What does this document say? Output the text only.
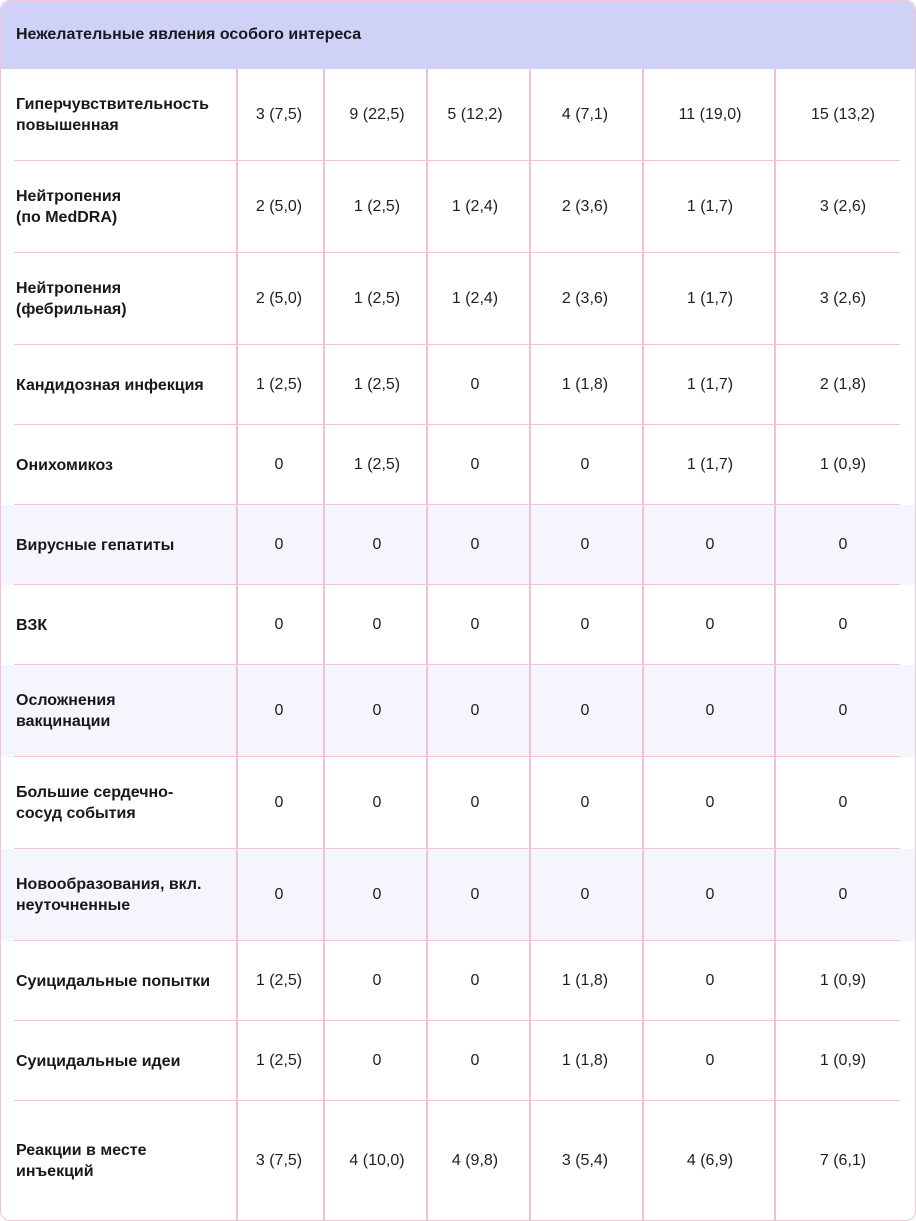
Нежелательные явления особого интереса
Гиперчувствительность
повышенная
3 (7,5)	9 (22,5)	5 (12,2)	4 (7,1)	11 (19,0)	15 (13,2)
Нейтропения
(по MedDRA)
2 (5,0)	1 (2,5)	1 (2,4)	2 (3,6)	1 (1,7)	3 (2,6)
Нейтропения
(фебрильная)
2 (5,0)	1 (2,5)	1 (2,4)	2 (3,6)	1 (1,7)	3 (2,6)
Кандидозная инфекция	1 (2,5)	1 (2,5)	0	1 (1,8)	1 (1,7)	2 (1,8)
Онихомикоз	0	1 (2,5)	0	0	1 (1,7)	1 (0,9)
Вирусные гепатиты	0	0	0	0	0	0
ВЗК	0	0	0	0	0	0
Осложнения
вакцинации
0	0	0	0	0	0
Большие сердечно-
сосуд события
0	0	0	0	0	0
Новообразования, вкл.
неуточненные
0	0	0	0	0	0
Суицидальные попытки	1 (2,5)	0	0	1 (1,8)	0	1 (0,9)
Суицидальные идеи	1 (2,5)	0	0	1 (1,8)	0	1 (0,9)
Реакции в месте
инъекций
3 (7,5)	4 (10,0)	4 (9,8)	3 (5,4)	4 (6,9)	7 (6,1)
